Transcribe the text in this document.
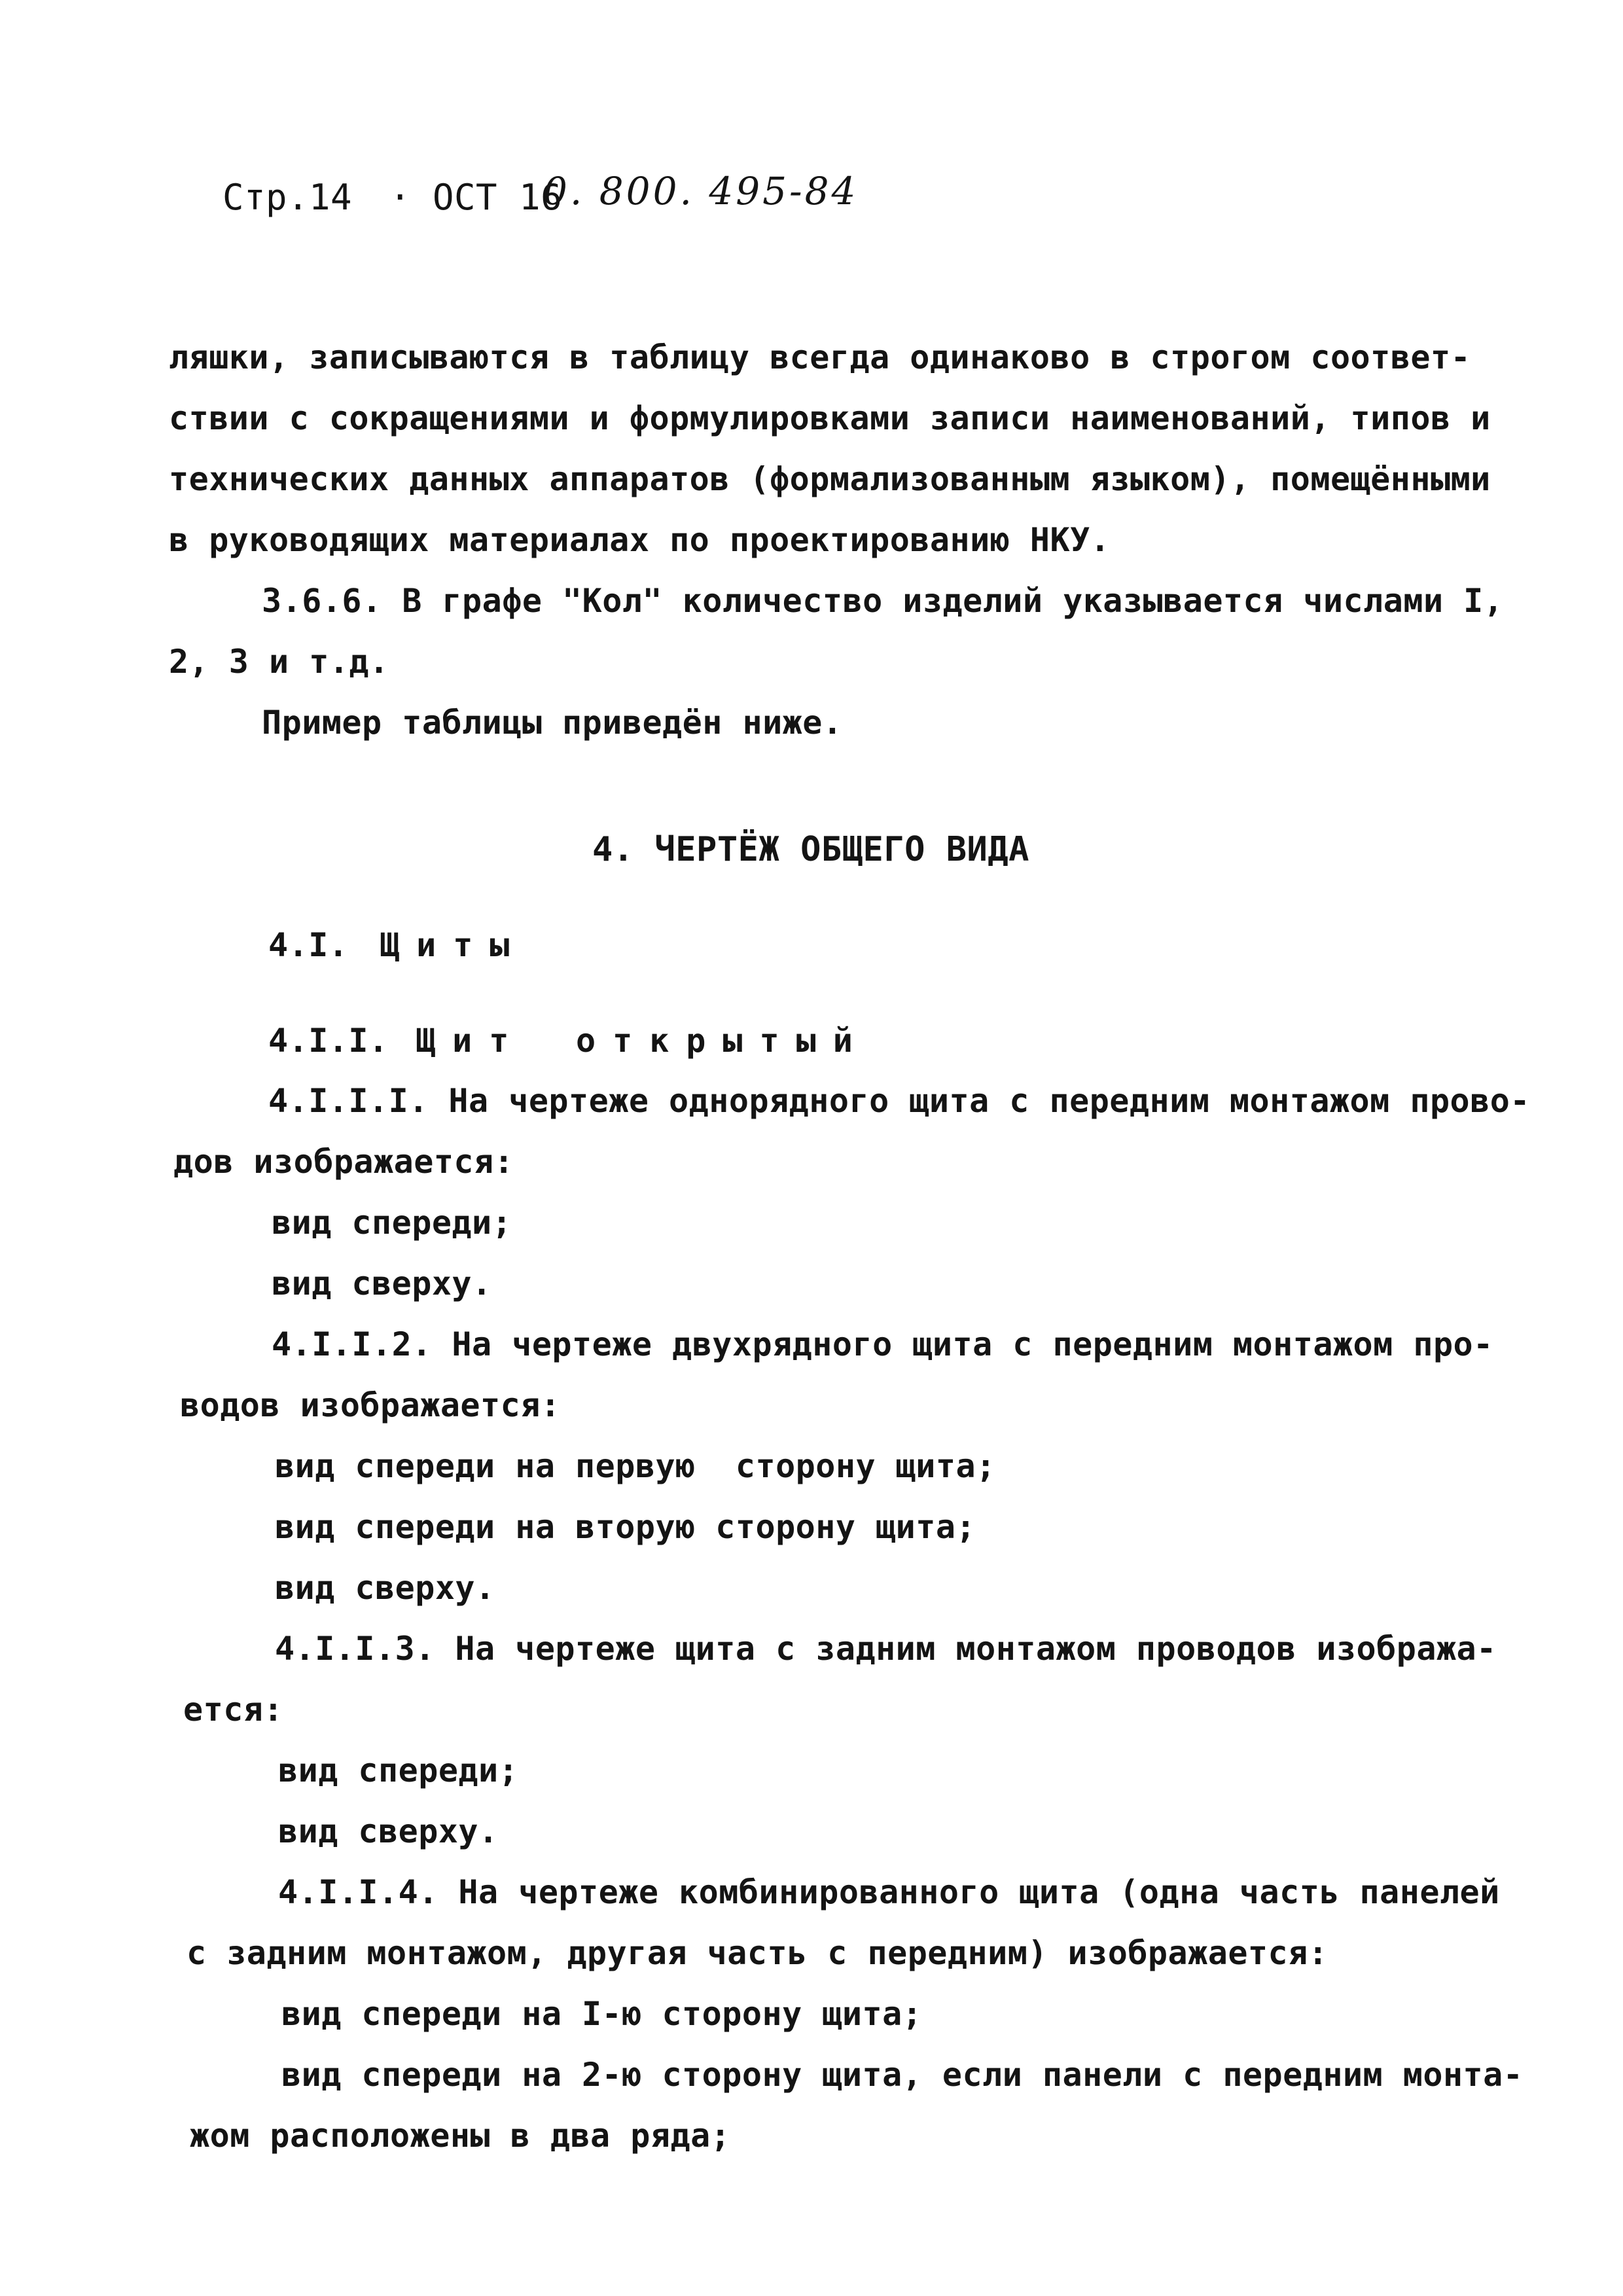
Стр.14 · ОСТ 16
0. 800. 495-84
ляшки, записываются в таблицу всегда одинаково в строгом соответ-
ствии с сокращениями и формулировками записи наименований, типов и
технических данных аппаратов (формализованным языком), помещёнными
в руководящих материалах по проектированию НКУ.
3.6.6. В графе "Кол" количество изделий указывается числами I,
2, 3 и т.д.
Пример таблицы приведён ниже.
4. ЧЕРТЁЖ ОБЩЕГО ВИДА
4.I. Щиты
4.I.I. Щит открытый
4.I.I.I. На чертеже однорядного щита с передним монтажом прово-
дов изображается:
вид спереди;
вид сверху.
4.I.I.2. На чертеже двухрядного щита с передним монтажом про-
водов изображается:
вид спереди на первую  сторону щита;
вид спереди на вторую сторону щита;
вид сверху.
4.I.I.3. На чертеже щита с задним монтажом проводов изобража-
ется:
вид спереди;
вид сверху.
4.I.I.4. На чертеже комбинированного щита (одна часть панелей
с задним монтажом, другая часть с передним) изображается:
вид спереди на I-ю сторону щита;
вид спереди на 2-ю сторону щита, если панели с передним монта-
жом расположены в два ряда;
